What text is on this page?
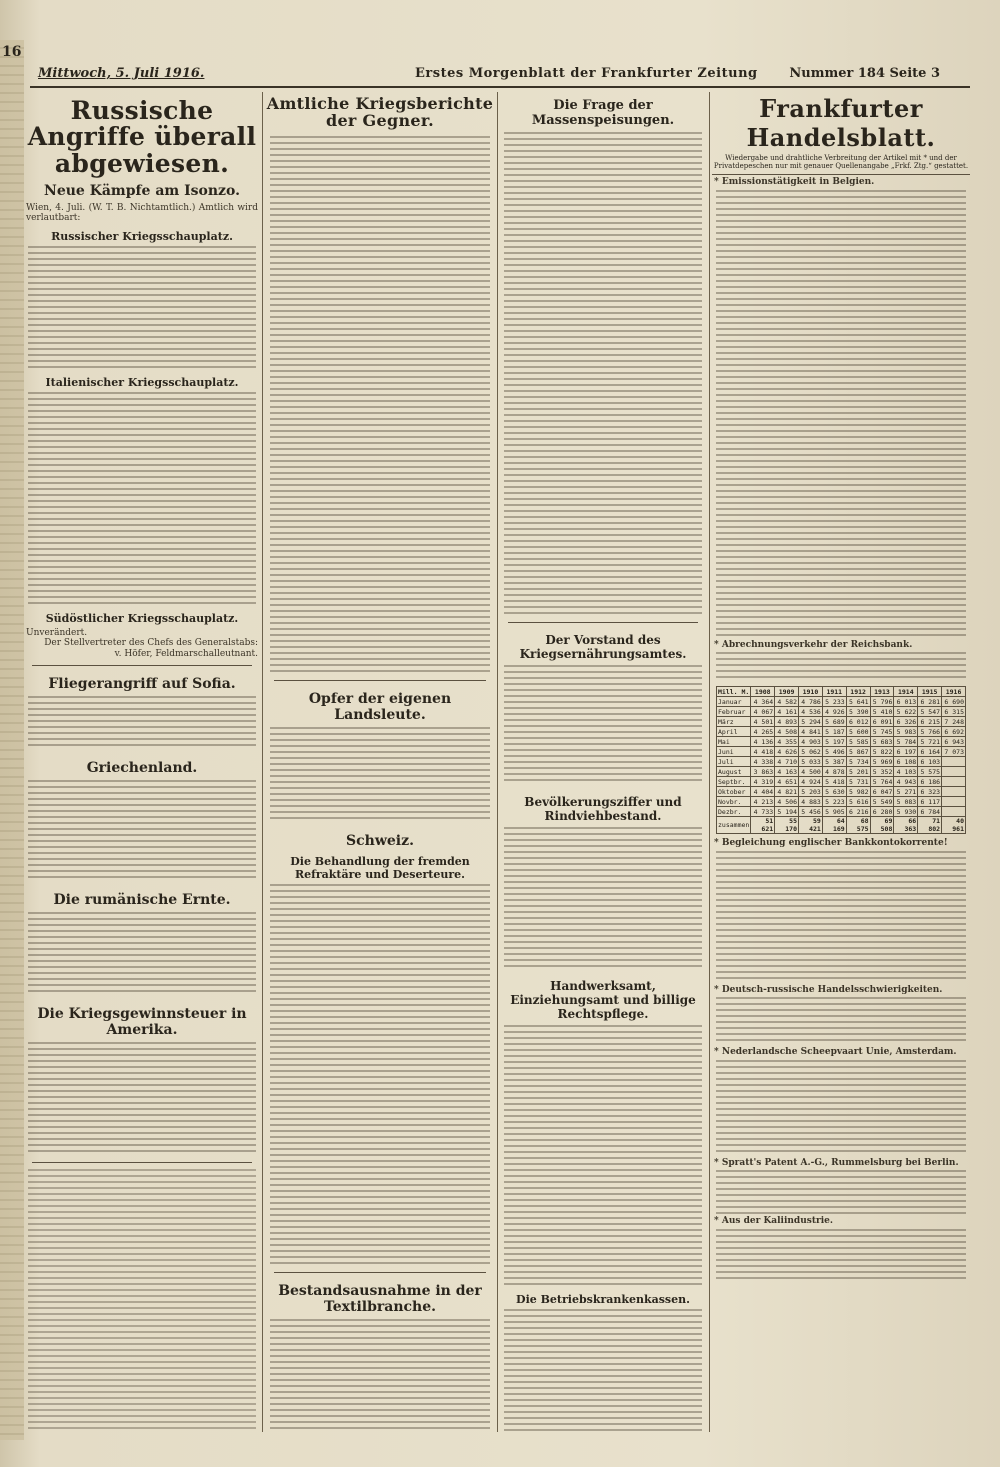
16
Mittwoch, 5. Juli 1916.	Erstes Morgenblatt der Frankfurter Zeitung Nummer 184 Seite 3
Russische Angriffe überall abgewiesen.
Neue Kämpfe am Isonzo.
Wien, 4. Juli. (W. T. B. Nichtamtlich.) Amtlich wird verlautbart:
Russischer Kriegsschauplatz.
Italienischer Kriegsschauplatz.
Südöstlicher Kriegsschauplatz.
Unverändert.
Der Stellvertreter des Chefs des Generalstabs:
v. Höfer, Feldmarschalleutnant.
Fliegerangriff auf Sofia.
Griechenland.
Die rumänische Ernte.
Die Kriegsgewinnsteuer in Amerika.
Amtliche Kriegsberichte der Gegner.
Opfer der eigenen Landsleute.
Schweiz.
Die Behandlung der fremden Refraktäre und Deserteure.
Bestandsausnahme in der Textilbranche.
Die Frage der Massenspeisungen.
Der Vorstand des Kriegsernährungsamtes.
Bevölkerungsziffer und Rindviehbestand.
Handwerksamt, Einziehungsamt und billige Rechtspflege.
Die Betriebskrankenkassen.
Frankfurter Handelsblatt.
Wiedergabe und drahtliche Verbreitung der Artikel mit * und der Privatdepeschen nur mit genauer Quellenangabe „Frkf. Ztg.“ gestattet.
* Emissionstätigkeit in Belgien.
* Abrechnungsverkehr der Reichsbank.
Mill. M.	1908	1909	1910	1911	1912	1913	1914	1915	1916
Januar	4 364	4 582	4 786	5 233	5 641	5 796	6 013	6 281	6 690
Februar	4 067	4 161	4 536	4 926	5 390	5 410	5 622	5 547	6 315
März	4 501	4 893	5 294	5 689	6 012	6 091	6 326	6 215	7 248
April	4 265	4 508	4 841	5 187	5 600	5 745	5 983	5 766	6 692
Mai	4 136	4 355	4 903	5 197	5 585	5 683	5 784	5 721	6 943
Juni	4 418	4 626	5 062	5 496	5 867	5 822	6 197	6 164	7 073
Juli	4 338	4 710	5 033	5 387	5 734	5 969	6 108	6 103	
August	3 863	4 163	4 500	4 878	5 201	5 352	4 103	5 575	
Septbr.	4 319	4 651	4 924	5 418	5 731	5 764	4 943	6 186	
Oktober	4 404	4 821	5 203	5 630	5 982	6 047	5 271	6 323	
Novbr.	4 213	4 506	4 883	5 223	5 616	5 549	5 083	6 117	
Dezbr.	4 733	5 194	5 456	5 905	6 216	6 280	5 930	6 784	
zusammen	51 621	55 170	59 421	64 169	68 575	69 508	66 363	71 802	40 961
* Begleichung englischer Bankkontokorrente!
* Deutsch-russische Handelsschwierigkeiten.
* Nederlandsche Scheepvaart Unie, Amsterdam.
* Spratt's Patent A.-G., Rummelsburg bei Berlin.
* Aus der Kaliindustrie.
